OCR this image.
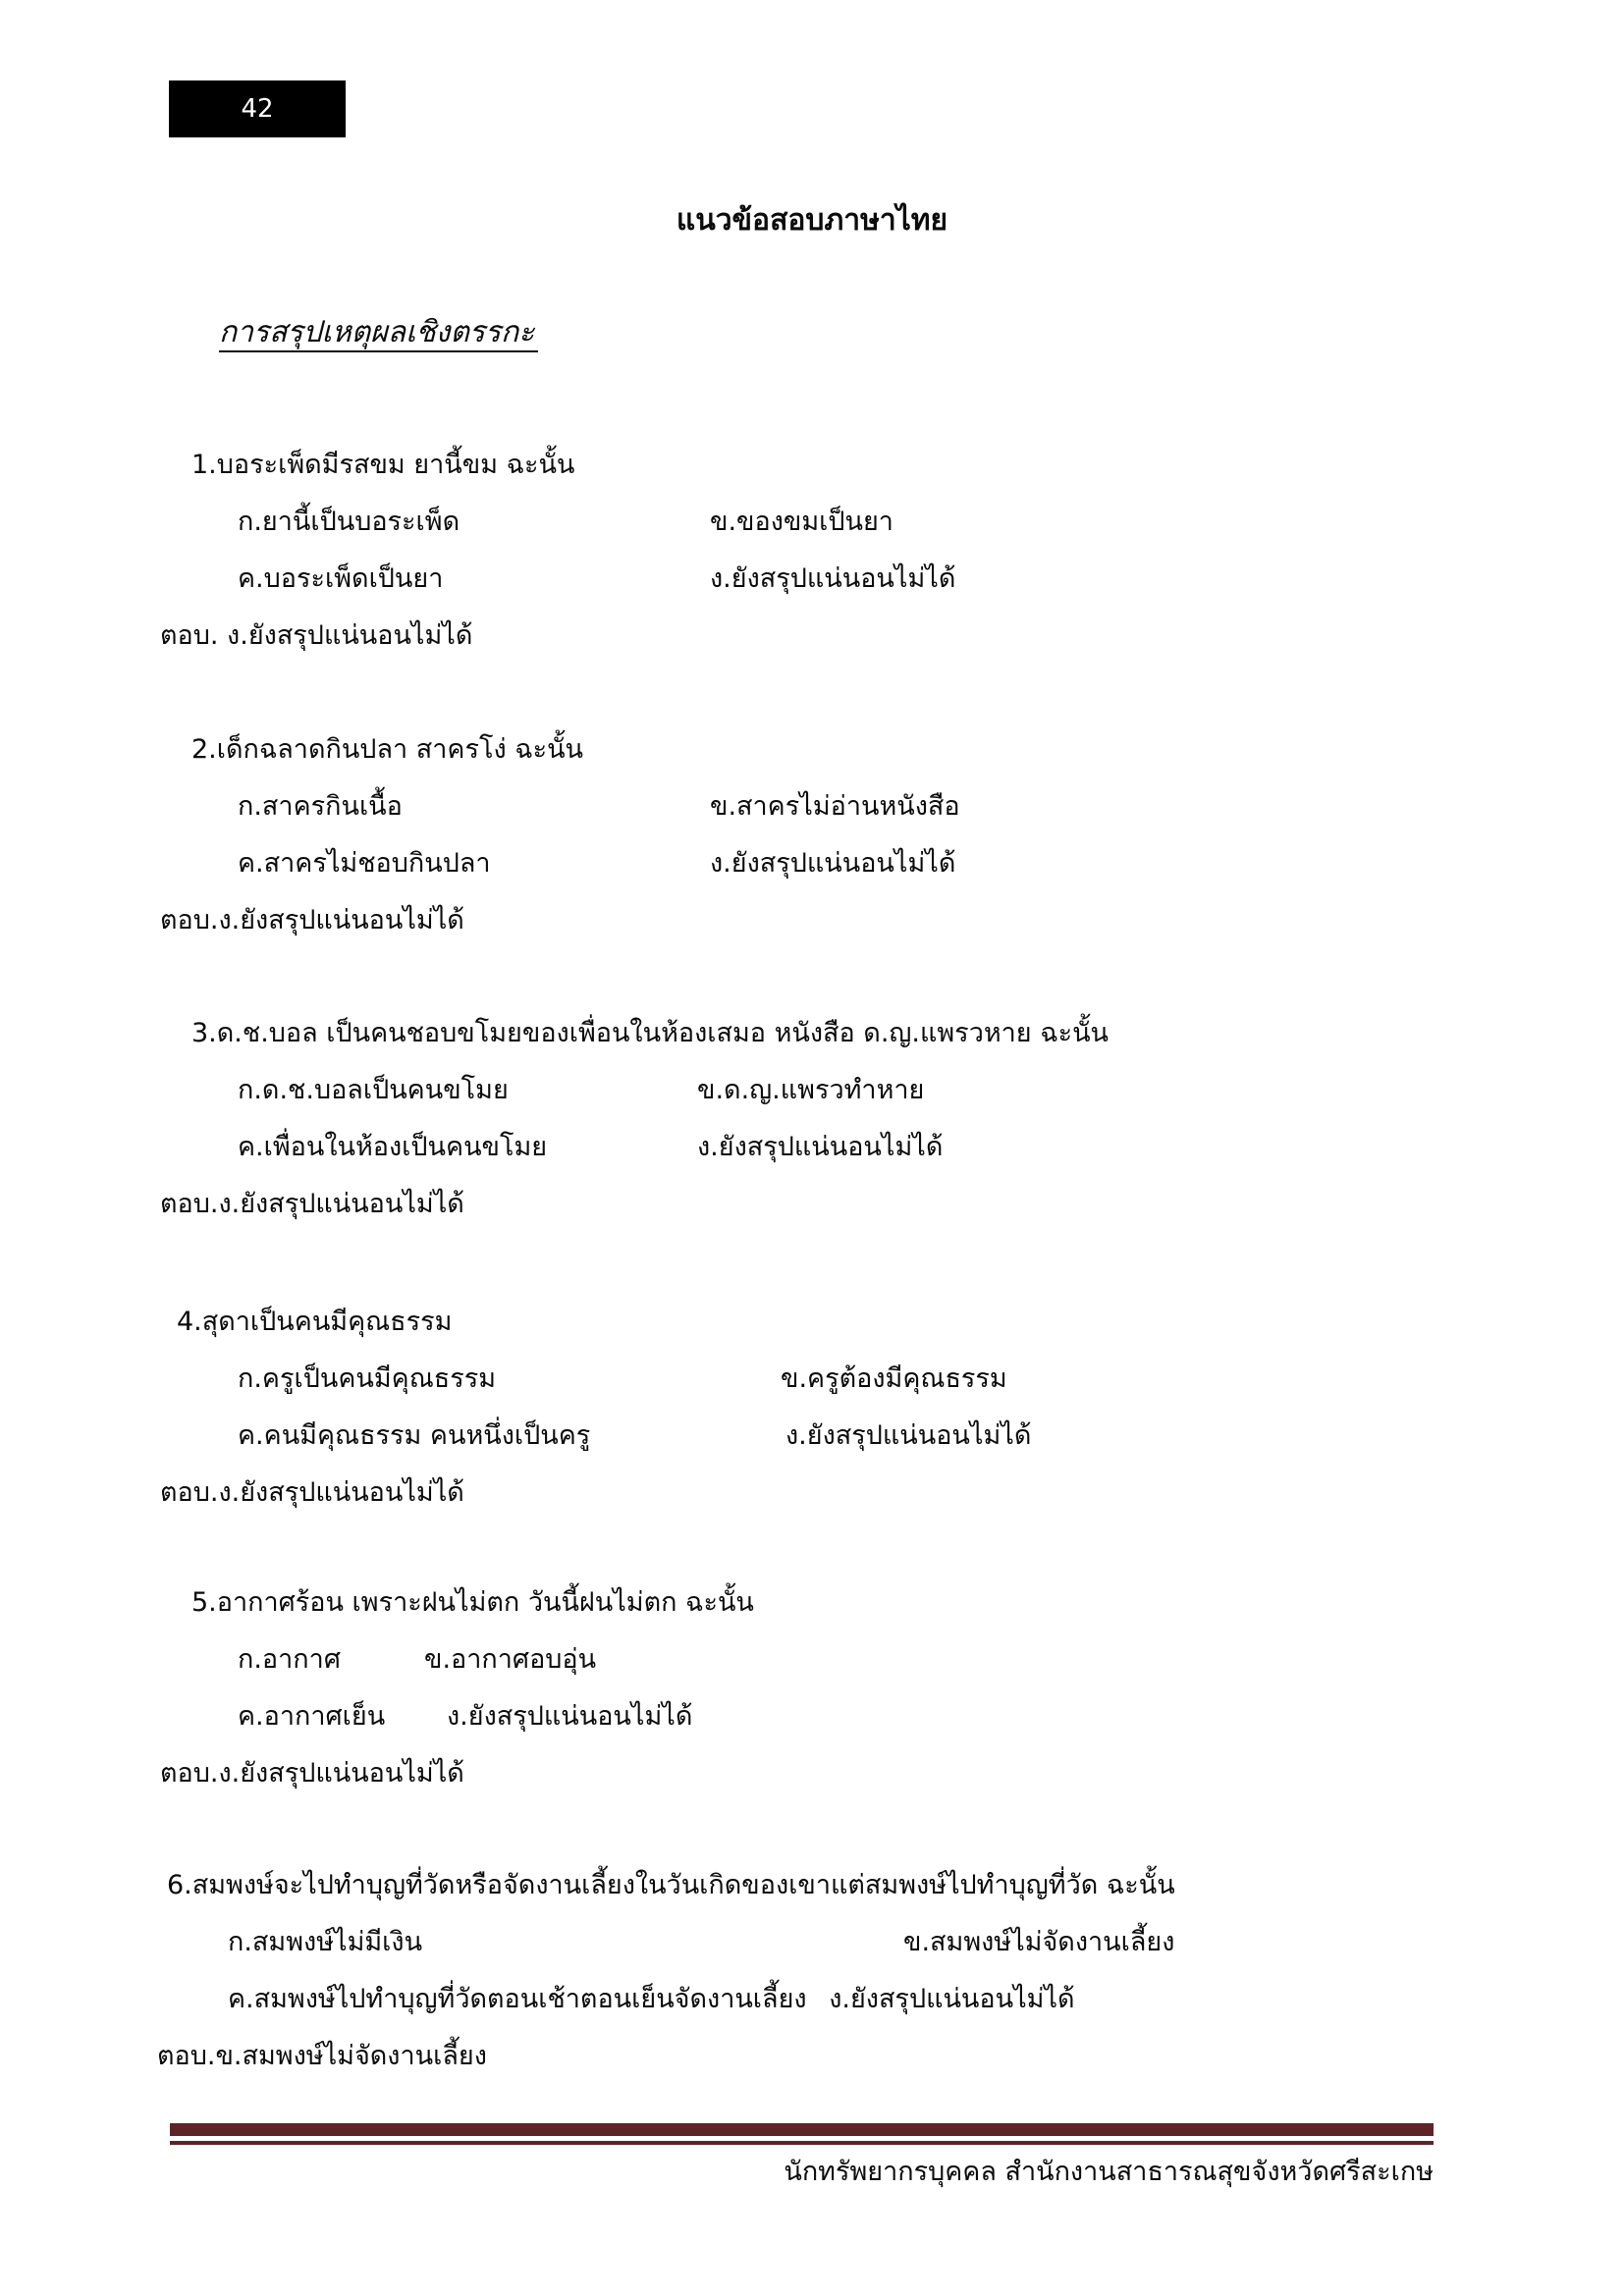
42
แนวข้อสอบภาษาไทย
การสรุปเหตุผลเชิงตรรกะ
1.บอระเพ็ดมีรสขม ยานี้ขม ฉะนั้น
ก.ยานี้เป็นบอระเพ็ด	ข.ของขมเป็นยา
ค.บอระเพ็ดเป็นยา	ง.ยังสรุปแน่นอนไม่ได้
ตอบ. ง.ยังสรุปแน่นอนไม่ได้
2.เด็กฉลาดกินปลา สาครโง่ ฉะนั้น
ก.สาครกินเนื้อ	ข.สาครไม่อ่านหนังสือ
ค.สาครไม่ชอบกินปลา	ง.ยังสรุปแน่นอนไม่ได้
ตอบ.ง.ยังสรุปแน่นอนไม่ได้
3.ด.ช.บอล เป็นคนชอบขโมยของเพื่อนในห้องเสมอ หนังสือ ด.ญ.แพรวหาย ฉะนั้น
ก.ด.ช.บอลเป็นคนขโมย	ข.ด.ญ.แพรวทำหาย
ค.เพื่อนในห้องเป็นคนขโมย	ง.ยังสรุปแน่นอนไม่ได้
ตอบ.ง.ยังสรุปแน่นอนไม่ได้
4.สุดาเป็นคนมีคุณธรรม
ก.ครูเป็นคนมีคุณธรรม	ข.ครูต้องมีคุณธรรม
ค.คนมีคุณธรรม คนหนึ่งเป็นครู	ง.ยังสรุปแน่นอนไม่ได้
ตอบ.ง.ยังสรุปแน่นอนไม่ได้
5.อากาศร้อน เพราะฝนไม่ตก วันนี้ฝนไม่ตก ฉะนั้น
ก.อากาศ	ข.อากาศอบอุ่น
ค.อากาศเย็น ง.ยังสรุปแน่นอนไม่ได้
ตอบ.ง.ยังสรุปแน่นอนไม่ได้
6.สมพงษ์จะไปทำบุญที่วัดหรือจัดงานเลี้ยงในวันเกิดของเขาแต่สมพงษ์ไปทำบุญที่วัด ฉะนั้น
ก.สมพงษ์ไม่มีเงิน	ข.สมพงษ์ไม่จัดงานเลี้ยง
ค.สมพงษ์ไปทำบุญที่วัดตอนเช้าตอนเย็นจัดงานเลี้ยง ง.ยังสรุปแน่นอนไม่ได้
ตอบ.ข.สมพงษ์ไม่จัดงานเลี้ยง
นักทรัพยากรบุคคล สำนักงานสาธารณสุขจังหวัดศรีสะเกษ
